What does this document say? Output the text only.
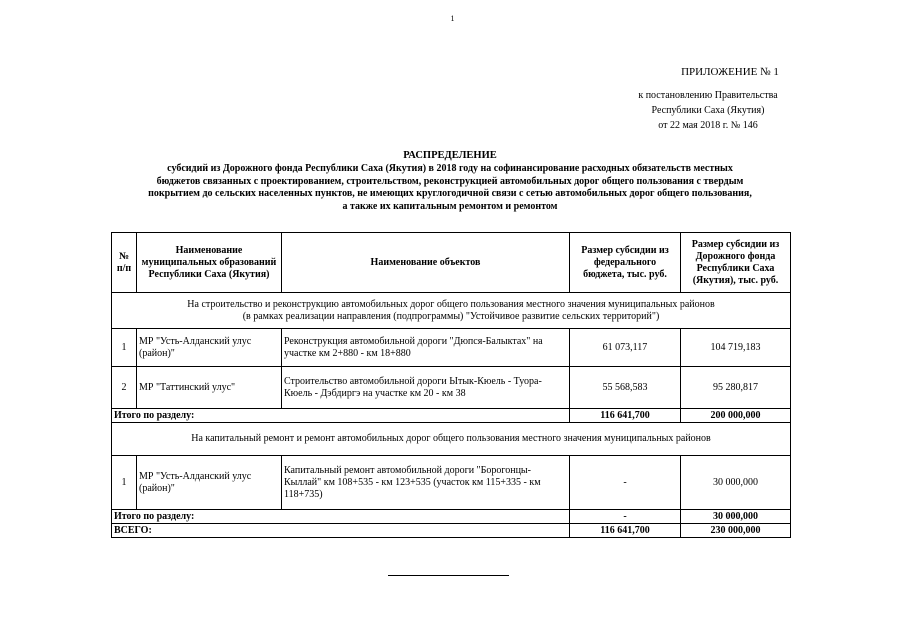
1
ПРИЛОЖЕНИЕ № 1
к постановлению Правительства
Республики Саха (Якутия)
от 22 мая 2018 г. № 146
РАСПРЕДЕЛЕНИЕ
субсидий из Дорожного фонда Республики Саха (Якутия) в 2018 году на софинансирование расходных обязательств местных
бюджетов связанных с проектированием, строительством, реконструкцией автомобильных дорог общего пользования с твердым
покрытием до сельских населенных пунктов, не имеющих круглогодичной связи с сетью автомобильных дорог общего пользования,
а также их капитальным ремонтом и ремонтом
№
п/п	Наименование муниципальных образований Республики Саха (Якутия)	Наименование объектов	Размер субсидии из федерального бюджета, тыс. руб.	Размер субсидии из Дорожного фонда Республики Саха (Якутия), тыс. руб.

На строительство и реконструкцию автомобильных дорог общего пользования местного значения муниципальных районов
(в рамках реализации направления (подпрограммы) "Устойчивое развитие сельских территорий")				

1	МР "Усть-Алданский улус (район)"	Реконструкция автомобильной дороги "Дюпся-Балыктах" на участке км 2+880 - км 18+880	61 073,117	104 719,183
2	МР "Таттинский улус"	Строительство автомобильной дороги Ытык-Кюель - Туора-Кюель - Дэбдиргэ на участке км 20 - км 38	55 568,583	95 280,817
Итого по разделу:			116 641,700	200 000,000
На капитальный ремонт и ремонт автомобильных дорог общего пользования местного значения муниципальных районов				
1	МР "Усть-Алданский улус (район)"	Капитальный ремонт автомобильной дороги "Борогонцы-Кыллай" км 108+535 - км 123+535 (участок км 115+335 - км 118+735)	-	30 000,000
Итого по разделу:			-	30 000,000
ВСЕГО:			116 641,700	230 000,000
